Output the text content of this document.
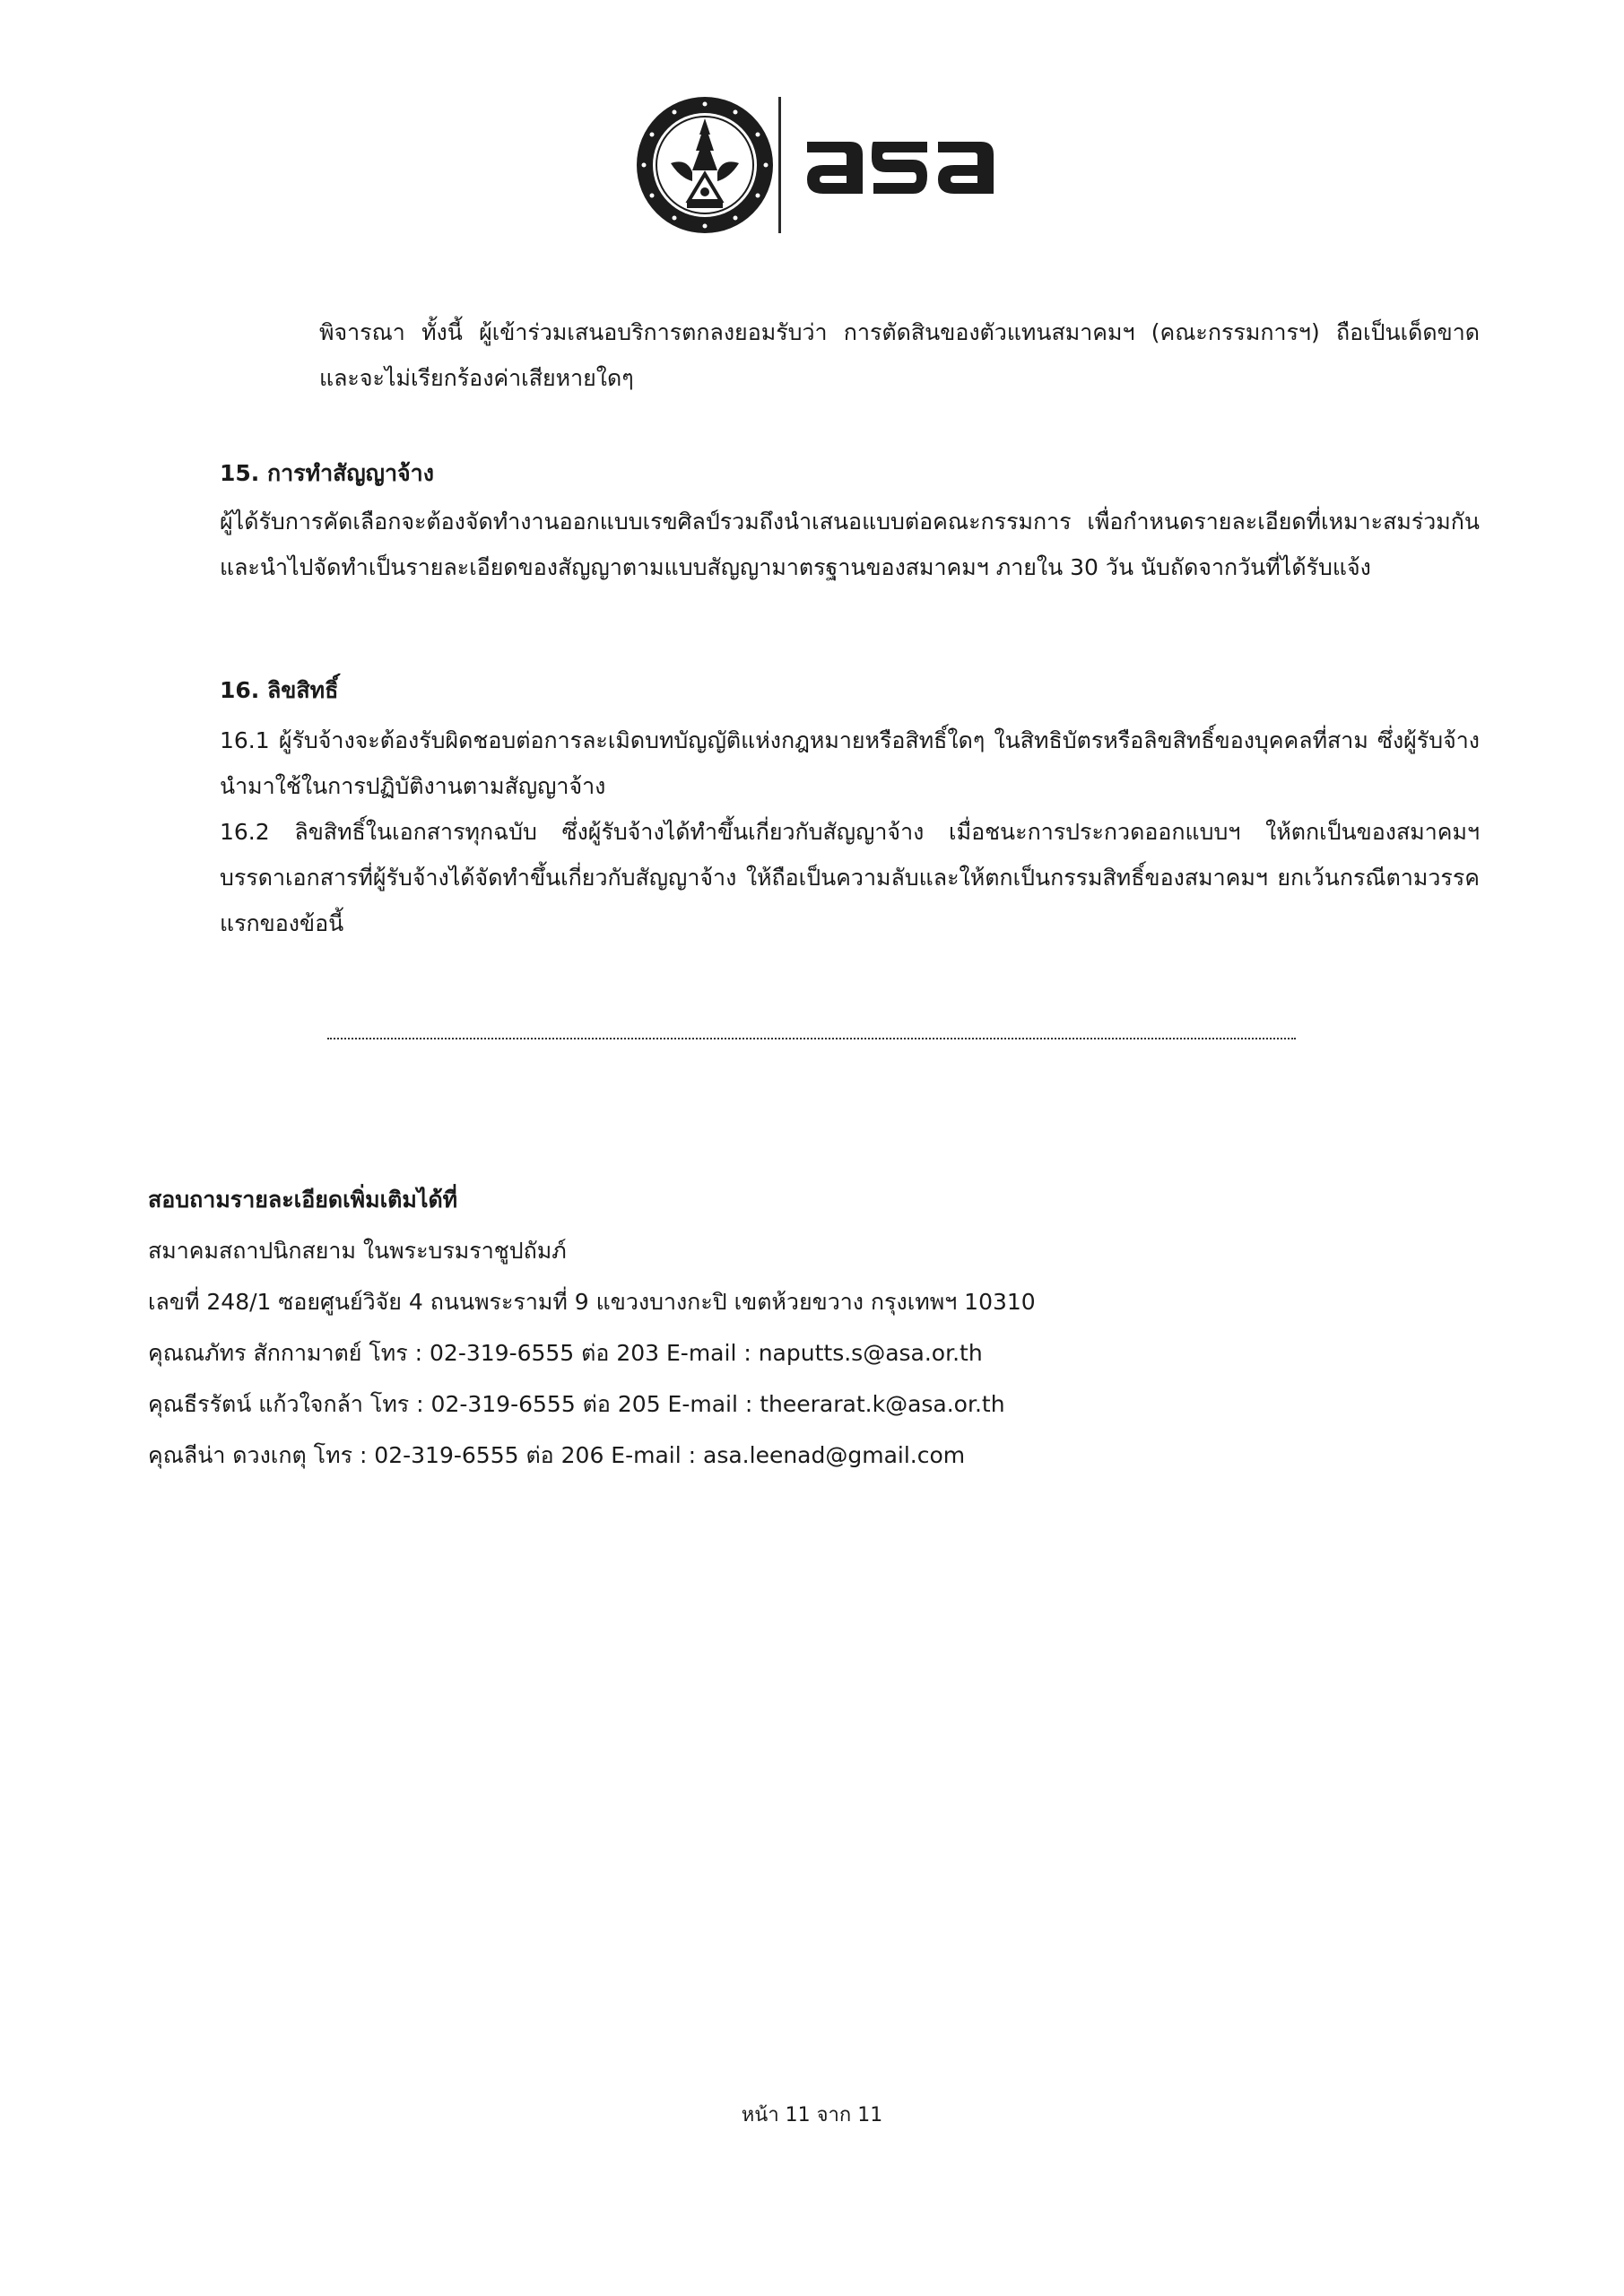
พิจารณา ทั้งนี้ ผู้เข้าร่วมเสนอบริการตกลงยอมรับว่า การตัดสินของตัวแทนสมาคมฯ (คณะกรรมการฯ) ถือเป็นเด็ดขาด และจะไม่เรียกร้องค่าเสียหายใดๆ

15. การทำสัญญาจ้าง

ผู้ได้รับการคัดเลือกจะต้องจัดทำงานออกแบบเรขศิลป์รวมถึงนำเสนอแบบต่อคณะกรรมการ เพื่อกำหนดรายละเอียดที่เหมาะสมร่วมกัน และนำไปจัดทำเป็นรายละเอียดของสัญญาตามแบบสัญญามาตรฐานของสมาคมฯ ภายใน 30 วัน นับถัดจากวันที่ได้รับแจ้ง

16. ลิขสิทธิ์

16.1 ผู้รับจ้างจะต้องรับผิดชอบต่อการละเมิดบทบัญญัติแห่งกฎหมายหรือสิทธิ์ใดๆ ในสิทธิบัตรหรือลิขสิทธิ์ของบุคคลที่สาม ซึ่งผู้รับจ้างนำมาใช้ในการปฏิบัติงานตามสัญญาจ้าง

16.2 ลิขสิทธิ์ในเอกสารทุกฉบับ ซึ่งผู้รับจ้างได้ทำขึ้นเกี่ยวกับสัญญาจ้าง เมื่อชนะการประกวดออกแบบฯ ให้ตกเป็นของสมาคมฯ บรรดาเอกสารที่ผู้รับจ้างได้จัดทำขึ้นเกี่ยวกับสัญญาจ้าง ให้ถือเป็นความลับและให้ตกเป็นกรรมสิทธิ์ของสมาคมฯ ยกเว้นกรณีตามวรรคแรกของข้อนี้

สอบถามรายละเอียดเพิ่มเติมได้ที่

สมาคมสถาปนิกสยาม ในพระบรมราชูปถัมภ์

เลขที่ 248/1 ซอยศูนย์วิจัย 4 ถนนพระรามที่ 9 แขวงบางกะปิ เขตห้วยขวาง กรุงเทพฯ 10310

คุณณภัทร สักกามาตย์ โทร : 02-319-6555 ต่อ 203 E-mail : naputts.s@asa.or.th

คุณธีรรัตน์ แก้วใจกล้า โทร : 02-319-6555 ต่อ 205 E-mail : theerarat.k@asa.or.th

คุณลีน่า ดวงเกตุ โทร : 02-319-6555 ต่อ 206 E-mail : asa.leenad@gmail.com

หน้า 11 จาก 11
